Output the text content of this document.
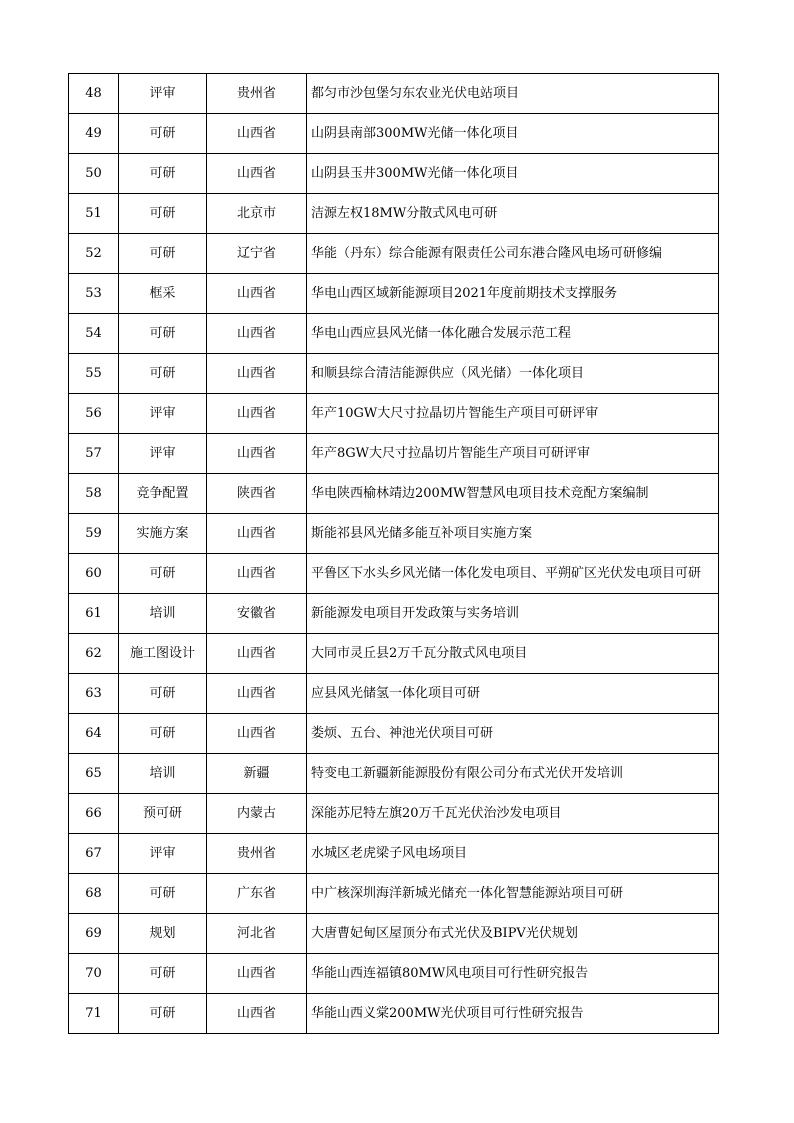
48	评审	贵州省	都匀市沙包堡匀东农业光伏电站项目
49	可研	山西省	山阴县南部300MW光储一体化项目
50	可研	山西省	山阴县玉井300MW光储一体化项目
51	可研	北京市	洁源左权18MW分散式风电可研
52	可研	辽宁省	华能（丹东）综合能源有限责任公司东港合隆风电场可研修编
53	框采	山西省	华电山西区域新能源项目2021年度前期技术支撑服务
54	可研	山西省	华电山西应县风光储一体化融合发展示范工程
55	可研	山西省	和顺县综合清洁能源供应（风光储）一体化项目
56	评审	山西省	年产10GW大尺寸拉晶切片智能生产项目可研评审
57	评审	山西省	年产8GW大尺寸拉晶切片智能生产项目可研评审
58	竞争配置	陕西省	华电陕西榆林靖边200MW智慧风电项目技术竞配方案编制
59	实施方案	山西省	斯能祁县风光储多能互补项目实施方案
60	可研	山西省	平鲁区下水头乡风光储一体化发电项目、平朔矿区光伏发电项目可研
61	培训	安徽省	新能源发电项目开发政策与实务培训
62	施工图设计	山西省	大同市灵丘县2万千瓦分散式风电项目
63	可研	山西省	应县风光储氢一体化项目可研
64	可研	山西省	娄烦、五台、神池光伏项目可研
65	培训	新疆	特变电工新疆新能源股份有限公司分布式光伏开发培训
66	预可研	内蒙古	深能苏尼特左旗20万千瓦光伏治沙发电项目
67	评审	贵州省	水城区老虎梁子风电场项目
68	可研	广东省	中广核深圳海洋新城光储充一体化智慧能源站项目可研
69	规划	河北省	大唐曹妃甸区屋顶分布式光伏及BIPV光伏规划
70	可研	山西省	华能山西连福镇80MW风电项目可行性研究报告
71	可研	山西省	华能山西义棠200MW光伏项目可行性研究报告
